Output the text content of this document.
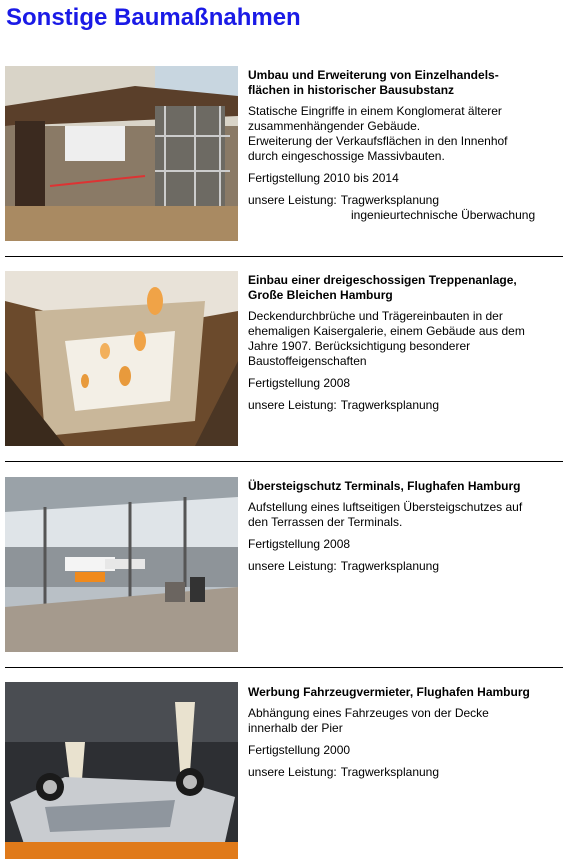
Sonstige Baumaßnahmen
Umbau und Erweiterung von Einzelhandels-
flächen in historischer Bausubstanz

Statische Eingriffe in einem Konglomerat älterer
zusammenhängender Gebäude.
Erweiterung der Verkaufsflächen in den Innenhof
durch eingeschossige Massivbauten.

Fertigstellung 2010 bis 2014

unsere Leistung: Tragwerksplanung
ingenieurtechnische Überwachung
Einbau einer dreigeschossigen Treppenanlage,
Große Bleichen Hamburg

Deckendurchbrüche und Trägereinbauten in der
ehemaligen Kaisergalerie, einem Gebäude aus dem
Jahre 1907. Berücksichtigung besonderer
Baustoffeigenschaften

Fertigstellung 2008

unsere Leistung: Tragwerksplanung
Übersteigschutz Terminals, Flughafen Hamburg

Aufstellung eines luftseitigen Übersteigschutzes auf
den Terrassen der Terminals.

Fertigstellung 2008

unsere Leistung: Tragwerksplanung
Werbung Fahrzeugvermieter, Flughafen Hamburg

Abhängung eines Fahrzeuges von der Decke
innerhalb der Pier

Fertigstellung 2000

unsere Leistung: Tragwerksplanung
